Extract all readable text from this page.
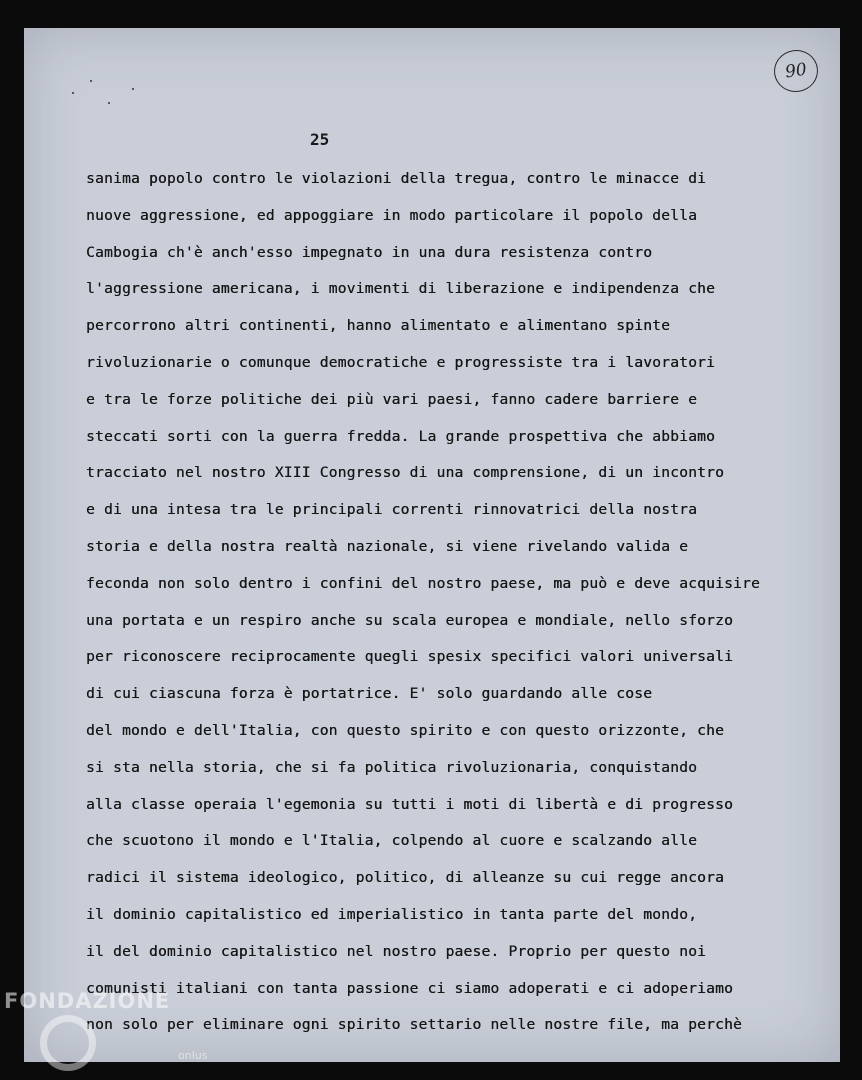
90
25
sanima popolo contro le violazioni della tregua, contro le minacce di
nuove aggressione, ed appoggiare in modo particolare il popolo della
Cambogia ch'è anch'esso impegnato in una dura resistenza contro
l'aggressione americana, i movimenti di liberazione e indipendenza che
percorrono altri continenti, hanno alimentato e alimentano spinte
rivoluzionarie o comunque democratiche e progressiste tra i lavoratori
e tra le forze politiche dei più vari paesi, fanno cadere barriere e
steccati sorti con la guerra fredda. La grande prospettiva che abbiamo
tracciato nel nostro XIII Congresso di una comprensione, di un incontro
e di una intesa tra le principali correnti rinnovatrici della nostra
storia e della nostra realtà nazionale, si viene rivelando valida e
feconda non solo dentro i confini del nostro paese, ma può e deve acquisire
una portata e un respiro anche su scala europea e mondiale, nello sforzo
per riconoscere reciprocamente quegli spesix specifici valori universali
di cui ciascuna forza è portatrice. E' solo guardando alle cose
del mondo e dell'Italia, con questo spirito e con questo orizzonte, che
si sta nella storia, che si fa politica rivoluzionaria, conquistando
alla classe operaia l'egemonia su tutti i moti di libertà e di progresso
che scuotono il mondo e l'Italia, colpendo al cuore e scalzando alle
radici il sistema ideologico, politico, di alleanze su cui regge ancora
il dominio capitalistico ed imperialistico in tanta parte del mondo,
il del dominio capitalistico nel nostro paese. Proprio per questo noi
comunisti italiani con tanta passione ci siamo adoperati e ci adoperiamo
non solo per eliminare ogni spirito settario nelle nostre file, ma perchè
FONDAZIONE
onlus
